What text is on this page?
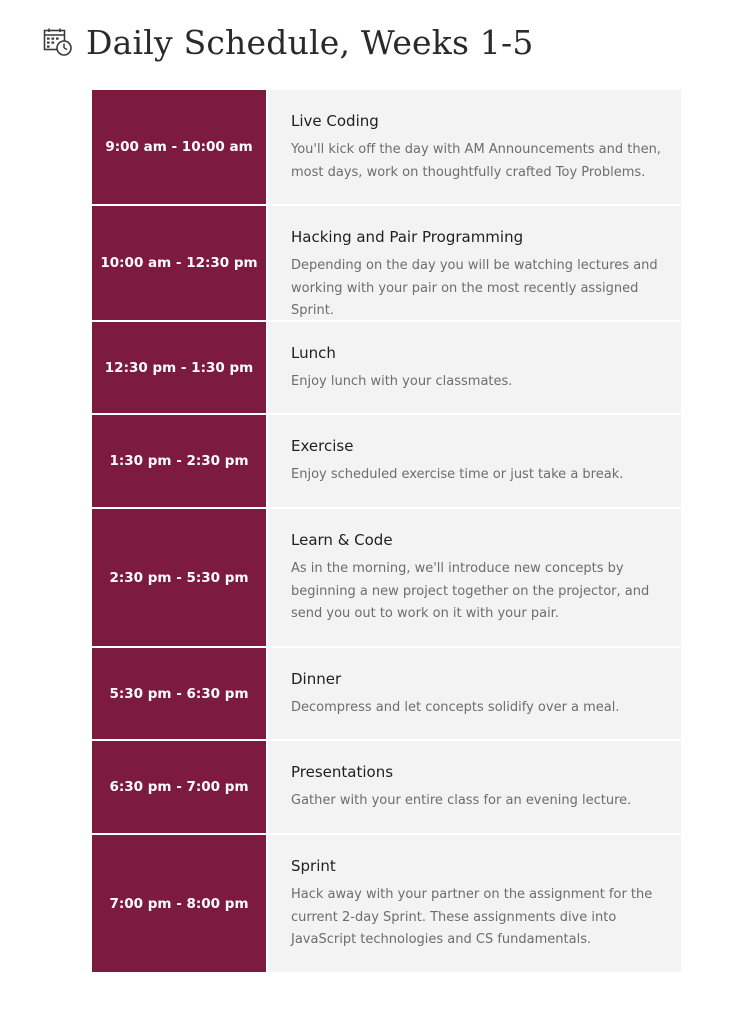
Daily Schedule, Weeks 1-5
9:00 am - 10:00 am
Live Coding

You'll kick off the day with AM Announcements and then, most days, work on thoughtfully crafted Toy Problems.

10:00 am - 12:30 pm
Hacking and Pair Programming

Depending on the day you will be watching lectures and working with your pair on the most recently assigned Sprint.

12:30 pm - 1:30 pm
Lunch

Enjoy lunch with your classmates.

1:30 pm - 2:30 pm
Exercise

Enjoy scheduled exercise time or just take a break.

2:30 pm - 5:30 pm
Learn & Code

As in the morning, we'll introduce new concepts by beginning a new project together on the projector, and send you out to work on it with your pair.

5:30 pm - 6:30 pm
Dinner

Decompress and let concepts solidify over a meal.

6:30 pm - 7:00 pm
Presentations

Gather with your entire class for an evening lecture.

7:00 pm - 8:00 pm
Sprint

Hack away with your partner on the assignment for the current 2-day Sprint. These assignments dive into JavaScript technologies and CS fundamentals.
